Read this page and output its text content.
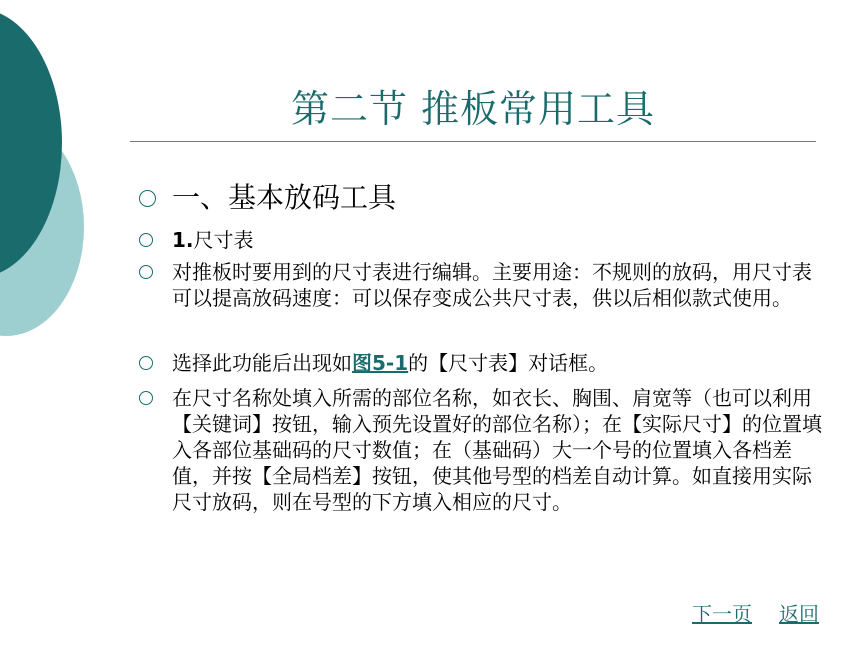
第二节 推板常用工具
一、基本放码工具
1.尺寸表
对推板时要用到的尺寸表进行编辑。主要用途：不规则的放码，用尺寸表可以提高放码速度：可以保存变成公共尺寸表，供以后相似款式使用。
选择此功能后出现如图5-1的【尺寸表】对话框。
在尺寸名称处填入所需的部位名称，如衣长、胸围、肩宽等（也可以利用【关键词】按钮，输入预先设置好的部位名称）；在【实际尺寸】的位置填入各部位基础码的尺寸数值；在（基础码）大一个号的位置填入各档差值，并按【全局档差】按钮，使其他号型的档差自动计算。如直接用实际尺寸放码，则在号型的下方填入相应的尺寸。
下一页 返回
